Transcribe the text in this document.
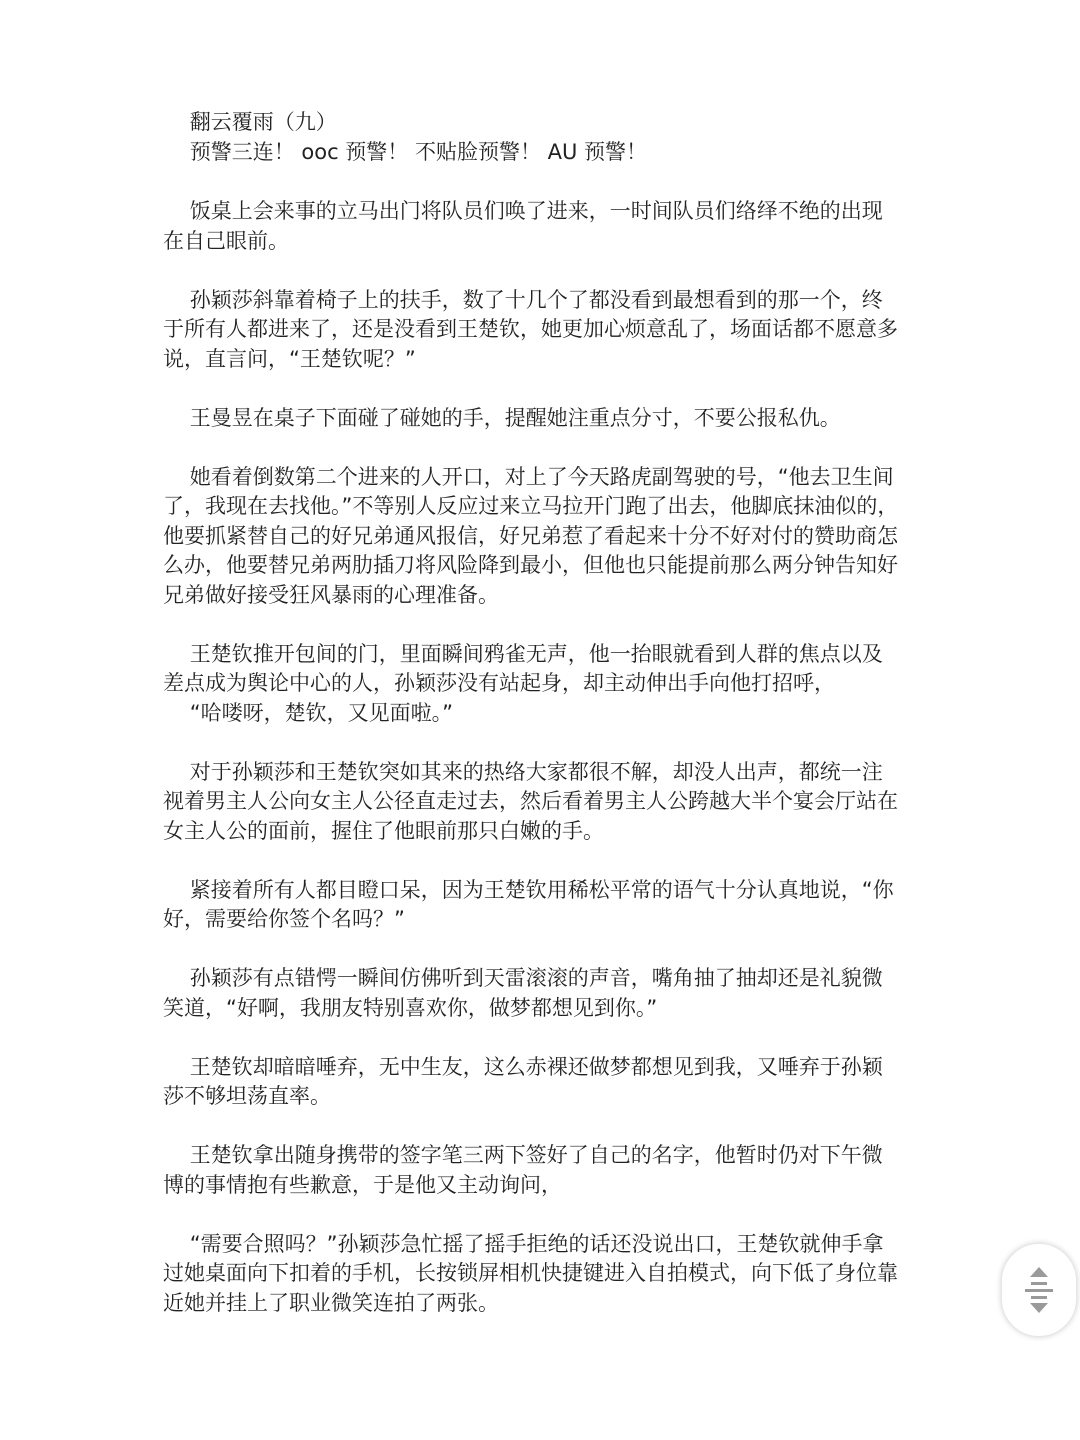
翻云覆雨（九）

预警三连！ ooc 预警！ 不贴脸预警！ AU 预警！

饭桌上会来事的立马出门将队员们唤了进来，一时间队员们络绎不绝的出现

在自己眼前。

孙颖莎斜靠着椅子上的扶手，数了十几个了都没看到最想看到的那一个，终

于所有人都进来了，还是没看到王楚钦，她更加心烦意乱了，场面话都不愿意多

说，直言问，“王楚钦呢？”

王曼昱在桌子下面碰了碰她的手，提醒她注重点分寸，不要公报私仇。

她看着倒数第二个进来的人开口，对上了今天路虎副驾驶的号，“他去卫生间

了，我现在去找他。”不等别人反应过来立马拉开门跑了出去，他脚底抹油似的，

他要抓紧替自己的好兄弟通风报信，好兄弟惹了看起来十分不好对付的赞助商怎

么办，他要替兄弟两肋插刀将风险降到最小，但他也只能提前那么两分钟告知好

兄弟做好接受狂风暴雨的心理准备。

王楚钦推开包间的门，里面瞬间鸦雀无声，他一抬眼就看到人群的焦点以及

差点成为舆论中心的人，孙颖莎没有站起身，却主动伸出手向他打招呼，

“哈喽呀，楚钦，又见面啦。”

对于孙颖莎和王楚钦突如其来的热络大家都很不解，却没人出声，都统一注

视着男主人公向女主人公径直走过去，然后看着男主人公跨越大半个宴会厅站在

女主人公的面前，握住了他眼前那只白嫩的手。

紧接着所有人都目瞪口呆，因为王楚钦用稀松平常的语气十分认真地说，“你

好，需要给你签个名吗？”

孙颖莎有点错愕一瞬间仿佛听到天雷滚滚的声音，嘴角抽了抽却还是礼貌微

笑道，“好啊，我朋友特别喜欢你，做梦都想见到你。”

王楚钦却暗暗唾弃，无中生友，这么赤裸还做梦都想见到我，又唾弃于孙颖

莎不够坦荡直率。

王楚钦拿出随身携带的签字笔三两下签好了自己的名字，他暂时仍对下午微

博的事情抱有些歉意，于是他又主动询问，

“需要合照吗？”孙颖莎急忙摇了摇手拒绝的话还没说出口，王楚钦就伸手拿

过她桌面向下扣着的手机，长按锁屏相机快捷键进入自拍模式，向下低了身位靠

近她并挂上了职业微笑连拍了两张。
